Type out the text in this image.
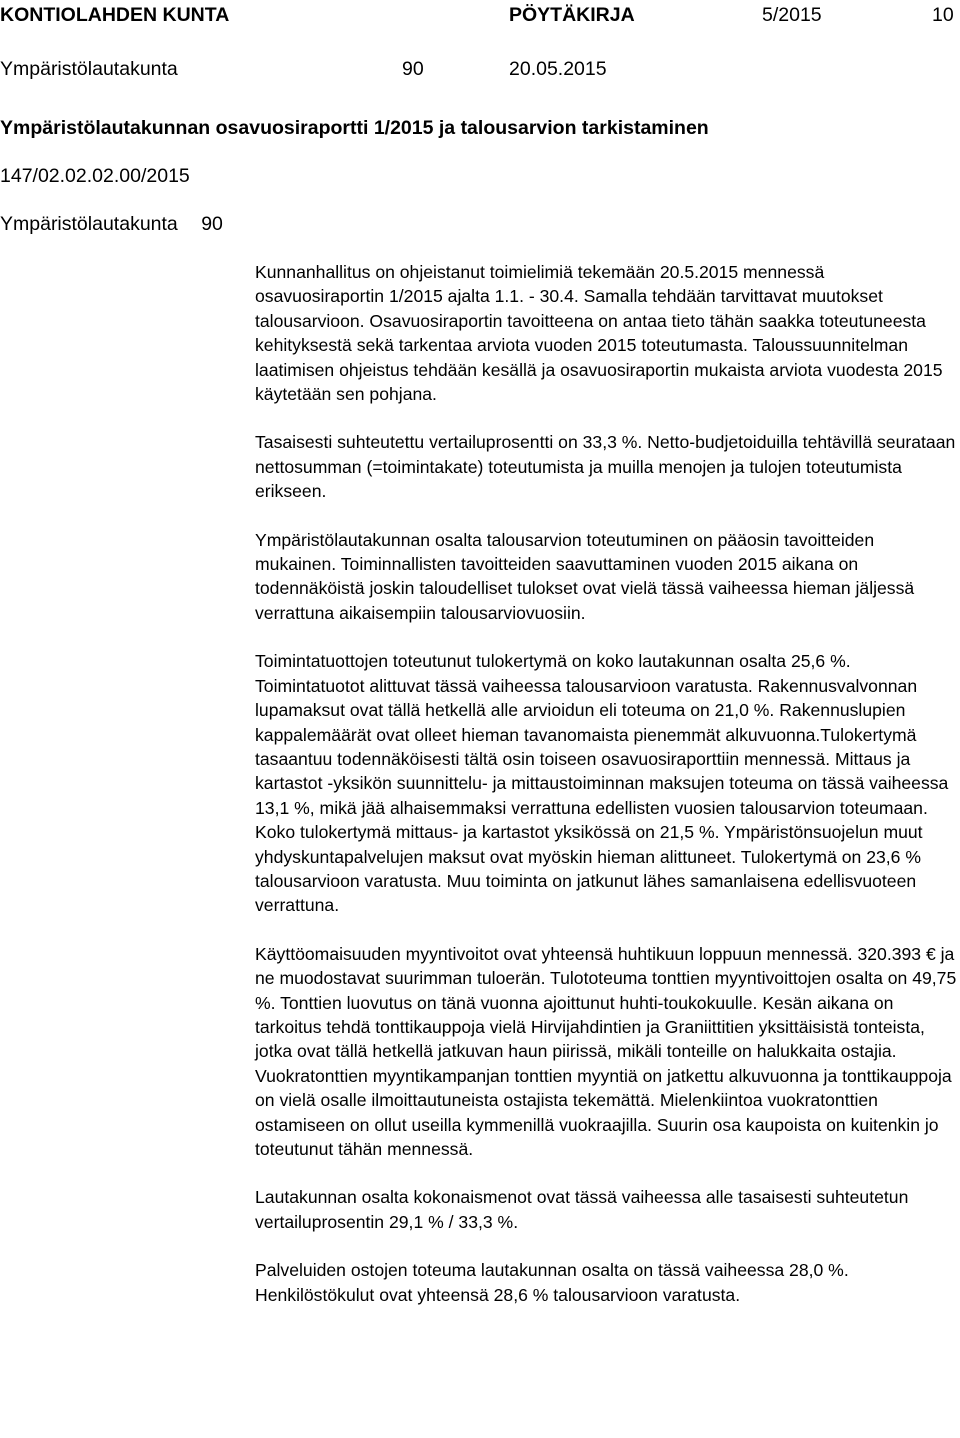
KONTIOLAHDEN KUNTA	PÖYTÄKIRJA	5/2015	10
Ympäristölautakunta	90	20.05.2015
Ympäristölautakunnan osavuosiraportti 1/2015 ja talousarvion tarkistaminen
147/02.02.02.00/2015
Ympäristölautakunta 90

Kunnanhallitus on ohjeistanut toimielimiä tekemään 20.5.2015 mennessä osavuosiraportin 1/2015 ajalta 1.1. - 30.4. Samalla tehdään tarvittavat muutokset talousarvioon. Osavuosiraportin tavoitteena on antaa tieto tähän saakka toteutuneesta kehityksestä sekä tarkentaa arviota vuoden 2015 toteutumasta. Taloussuunnitelman laatimisen ohjeistus tehdään kesällä ja osavuosiraportin mukaista arviota vuodesta 2015 käytetään sen pohjana.

Tasaisesti suhteutettu vertailuprosentti on 33,3 %. Netto-budjetoiduilla tehtävillä seurataan nettosumman (=toimintakate) toteutumista ja muilla menojen ja tulojen toteutumista erikseen.

Ympäristölautakunnan osalta talousarvion toteutuminen on pääosin tavoitteiden mukainen. Toiminnallisten tavoitteiden saavuttaminen vuoden 2015 aikana on todennäköistä joskin taloudelliset tulokset ovat vielä tässä vaiheessa hieman jäljessä verrattuna aikaisempiin talousarviovuosiin.

Toimintatuottojen toteutunut tulokertymä on koko lautakunnan osalta 25,6 %. Toimintatuotot alittuvat tässä vaiheessa talousarvioon varatusta. Rakennusvalvonnan lupamaksut ovat tällä hetkellä alle arvioidun eli toteuma on 21,0 %. Rakennuslupien kappalemäärät ovat olleet hieman tavanomaista pienemmät alkuvuonna.Tulokertymä tasaantuu todennäköisesti tältä osin toiseen osavuosiraporttiin mennessä. Mittaus ja kartastot -yksikön suunnittelu- ja mittaustoiminnan maksujen toteuma on tässä vaiheessa 13,1 %, mikä jää alhaisemmaksi verrattuna edellisten vuosien talousarvion toteumaan. Koko tulokertymä mittaus- ja kartastot yksikössä on 21,5 %. Ympäristönsuojelun muut yhdyskuntapalvelujen maksut ovat myöskin hieman alittuneet. Tulokertymä on 23,6 % talousarvioon varatusta. Muu toiminta on jatkunut lähes samanlaisena edellisvuoteen verrattuna.

Käyttöomaisuuden myyntivoitot ovat yhteensä huhtikuun loppuun mennessä. 320.393 € ja ne muodostavat suurimman tuloerän. Tulototeuma tonttien myyntivoittojen osalta on 49,75 %. Tonttien luovutus on tänä vuonna ajoittunut huhti-toukokuulle. Kesän aikana on tarkoitus tehdä tonttikauppoja vielä Hirvijahdintien ja Graniittitien yksittäisistä tonteista, jotka ovat tällä hetkellä jatkuvan haun piirissä, mikäli tonteille on halukkaita ostajia. Vuokratonttien myyntikampanjan tonttien myyntiä on jatkettu alkuvuonna ja tonttikauppoja on vielä osalle ilmoittautuneista ostajista tekemättä. Mielenkiintoa vuokratonttien ostamiseen on ollut useilla kymmenillä vuokraajilla. Suurin osa kaupoista on kuitenkin jo toteutunut tähän mennessä.

Lautakunnan osalta kokonaismenot ovat tässä vaiheessa alle tasaisesti suhteutetun vertailuprosentin 29,1 % / 33,3 %.

Palveluiden ostojen toteuma lautakunnan osalta on tässä vaiheessa 28,0 %. Henkilöstökulut ovat yhteensä 28,6 % talousarvioon varatusta.
